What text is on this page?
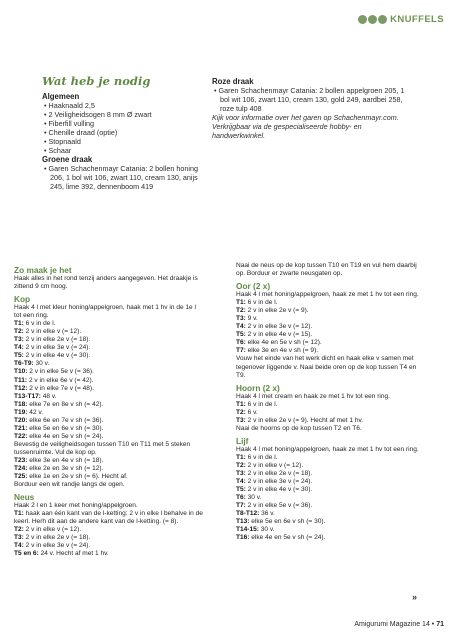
KNUFFELS
Wat heb je nodig
Algemeen
• Haaknaald 2,5
• 2 Veiligheidsogen 8 mm Ø zwart
• Fiberfill vulling
• Chenille draad (optie)
• Stopnaald
• Schaar
Groene draak
• Garen Schachenmayr Catania: 2 bollen honing 206, 1 bol wit 106, zwart 110, cream 130, anijs 245, lime 392, dennenboom 419
Roze draak
• Garen Schachenmayr Catania: 2 bollen appelgroen 205, 1 bol wit 106, zwart 110, cream 130, gold 249, aardbei 258, roze tulp 408
Kijk voor informatie over het garen op Schachenmayr.com. Verkrijgbaar via de gespecialiseerde hobby- en handwerkwinkel.
Zo maak je het
Haak alles in het rond tenzij anders aangegeven. Het draakje is zittend 9 cm hoog.
Kop
Haak 4 l met kleur honing/appelgroen, haak met 1 hv in de 1e l tot een ring.
T1: 6 v in de l.
T2: 2 v in elke v (= 12).
T3: 2 v in elke 2e v (= 18).
T4: 2 v in elke 3e v (= 24).
T5: 2 v in elke 4e v (= 30).
T6-T9: 30 v.
T10: 2 v in elke 5e v (= 36).
T11: 2 v in elke 6e v (= 42).
T12: 2 v in elke 7e v (= 48).
T13-T17: 48 v.
T18: elke 7e en 8e v sh (= 42).
T19: 42 v.
T20: elke 6e en 7e v sh (= 36).
T21: elke 5e en 6e v sh (= 30).
T22: elke 4e en 5e v sh (= 24).
Bevestig de veiligheidsogen tussen T10 en T11 met 5 steken tussenruimte. Vul de kop op.
T23: elke 3e en 4e v sh (= 18).
T24: elke 2e en 3e v sh (= 12).
T25: elke 1e en 2e v sh (= 6). Hecht af.
Borduur een wit randje langs de ogen.
Neus
Haak 2 l en 1 keer met honing/appelgroen.
T1: haak aan één kant van de l-ketting: 2 v in elke l behalve in de keerl. Herh dit aan de andere kant van de l-ketting. (= 8).
T2: 2 v in elke v (= 12).
T3: 2 v in elke 2e v (= 18).
T4: 2 v in elke 3e v (= 24).
T5 en 6: 24 v. Hecht af met 1 hv.
Naai de neus op de kop tussen T10 en T19 en vul hem daarbij op. Borduur er zwarte neusgaten op.
Oor (2 x)
Haak 4 l met honing/appelgroen, haak ze met 1 hv tot een ring.
T1: 6 v in de l.
T2: 2 v in elke 2e v (= 9).
T3: 9 v.
T4: 2 v in elke 3e v (= 12).
T5: 2 v in elke 4e v (= 15).
T6: elke 4e en 5e v sh (= 12).
T7: elke 3e en 4e v sh (= 9).
Vouw het einde van het werk dicht en haak elke v samen met tegenover liggende v. Naai beide oren op de kop tussen T4 en T9.
Hoorn (2 x)
Haak 4 l met cream en haak ze met 1 hv tot een ring.
T1: 6 v in de l.
T2: 6 v.
T3: 2 v in elke 2e v (= 9). Hecht af met 1 hv.
Naai de hoorns op de kop tussen T2 en T6.
Lijf
Haak 4 l met honing/appelgroen, haak ze met 1 hv tot een ring.
T1: 6 v in de l.
T2: 2 v in elke v (= 12).
T3: 2 v in elke 2e v (= 18).
T4: 2 v in elke 3e v (= 24).
T5: 2 v in elke 4e v (= 30).
T6: 30 v.
T7: 2 v in elke 5e v (= 36).
T8-T12: 36 v.
T13: elke 5e en 6e v sh (= 30).
T14-15: 30 v.
T16: elke 4e en 5e v sh (= 24).
»
Amigurumi Magazine 14 • 71
